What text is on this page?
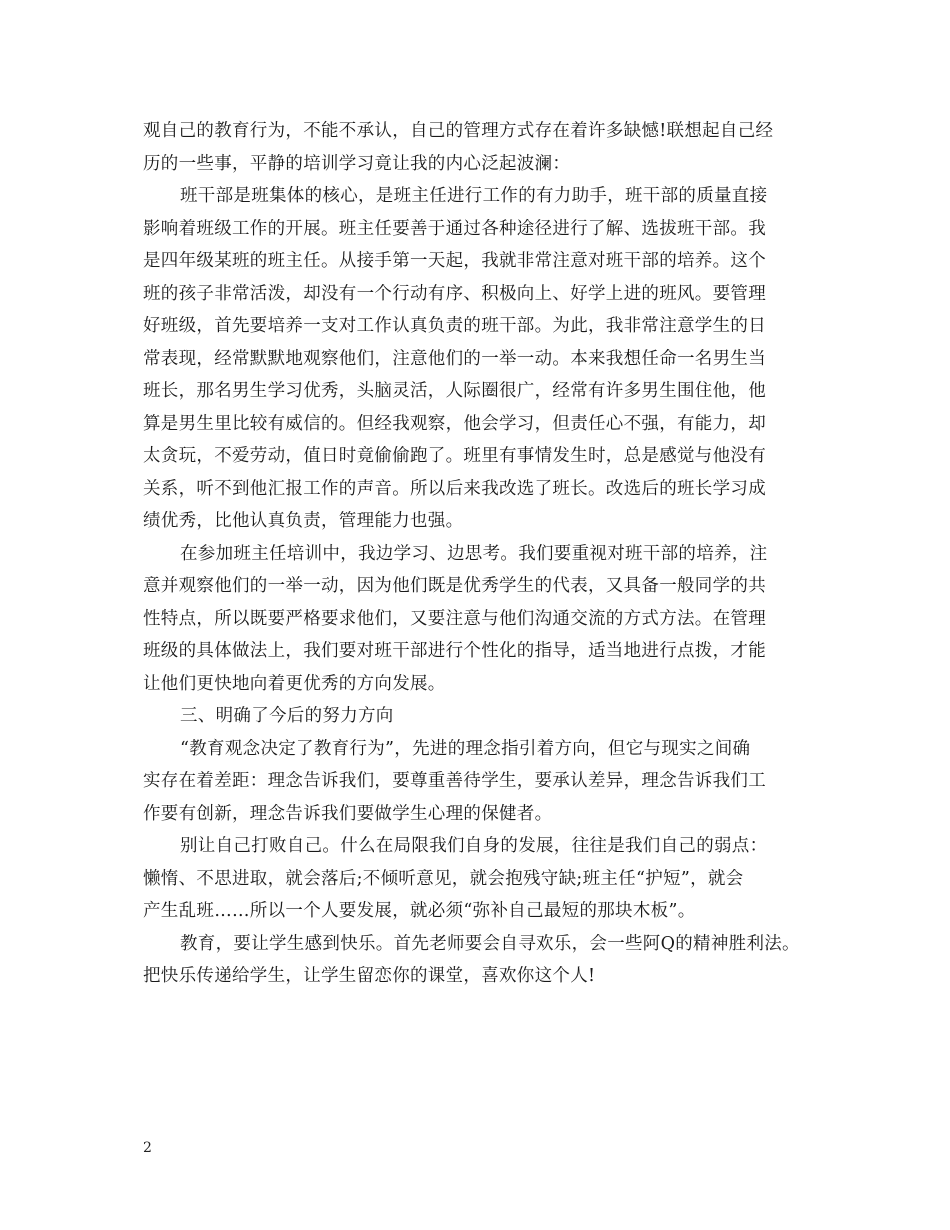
观自己的教育行为，不能不承认，自己的管理方式存在着许多缺憾!联想起自己经
历的一些事，平静的培训学习竟让我的内心泛起波澜：
班干部是班集体的核心，是班主任进行工作的有力助手，班干部的质量直接
影响着班级工作的开展。班主任要善于通过各种途径进行了解、选拔班干部。我
是四年级某班的班主任。从接手第一天起，我就非常注意对班干部的培养。这个
班的孩子非常活泼，却没有一个行动有序、积极向上、好学上进的班风。要管理
好班级，首先要培养一支对工作认真负责的班干部。为此，我非常注意学生的日
常表现，经常默默地观察他们，注意他们的一举一动。本来我想任命一名男生当
班长，那名男生学习优秀，头脑灵活，人际圈很广，经常有许多男生围住他，他
算是男生里比较有威信的。但经我观察，他会学习，但责任心不强，有能力，却
太贪玩，不爱劳动，值日时竟偷偷跑了。班里有事情发生时，总是感觉与他没有
关系，听不到他汇报工作的声音。所以后来我改选了班长。改选后的班长学习成
绩优秀，比他认真负责，管理能力也强。
在参加班主任培训中，我边学习、边思考。我们要重视对班干部的培养，注
意并观察他们的一举一动，因为他们既是优秀学生的代表，又具备一般同学的共
性特点，所以既要严格要求他们，又要注意与他们沟通交流的方式方法。在管理
班级的具体做法上，我们要对班干部进行个性化的指导，适当地进行点拨，才能
让他们更快地向着更优秀的方向发展。
三、明确了今后的努力方向
“教育观念决定了教育行为”，先进的理念指引着方向，但它与现实之间确
实存在着差距：理念告诉我们，要尊重善待学生，要承认差异，理念告诉我们工
作要有创新，理念告诉我们要做学生心理的保健者。
别让自己打败自己。什么在局限我们自身的发展，往往是我们自己的弱点：
懒惰、不思进取，就会落后;不倾听意见，就会抱残守缺;班主任“护短”，就会
产生乱班……所以一个人要发展，就必须“弥补自己最短的那块木板”。
教育，要让学生感到快乐。首先老师要会自寻欢乐，会一些阿Q的精神胜利法。
把快乐传递给学生，让学生留恋你的课堂，喜欢你这个人!
2
